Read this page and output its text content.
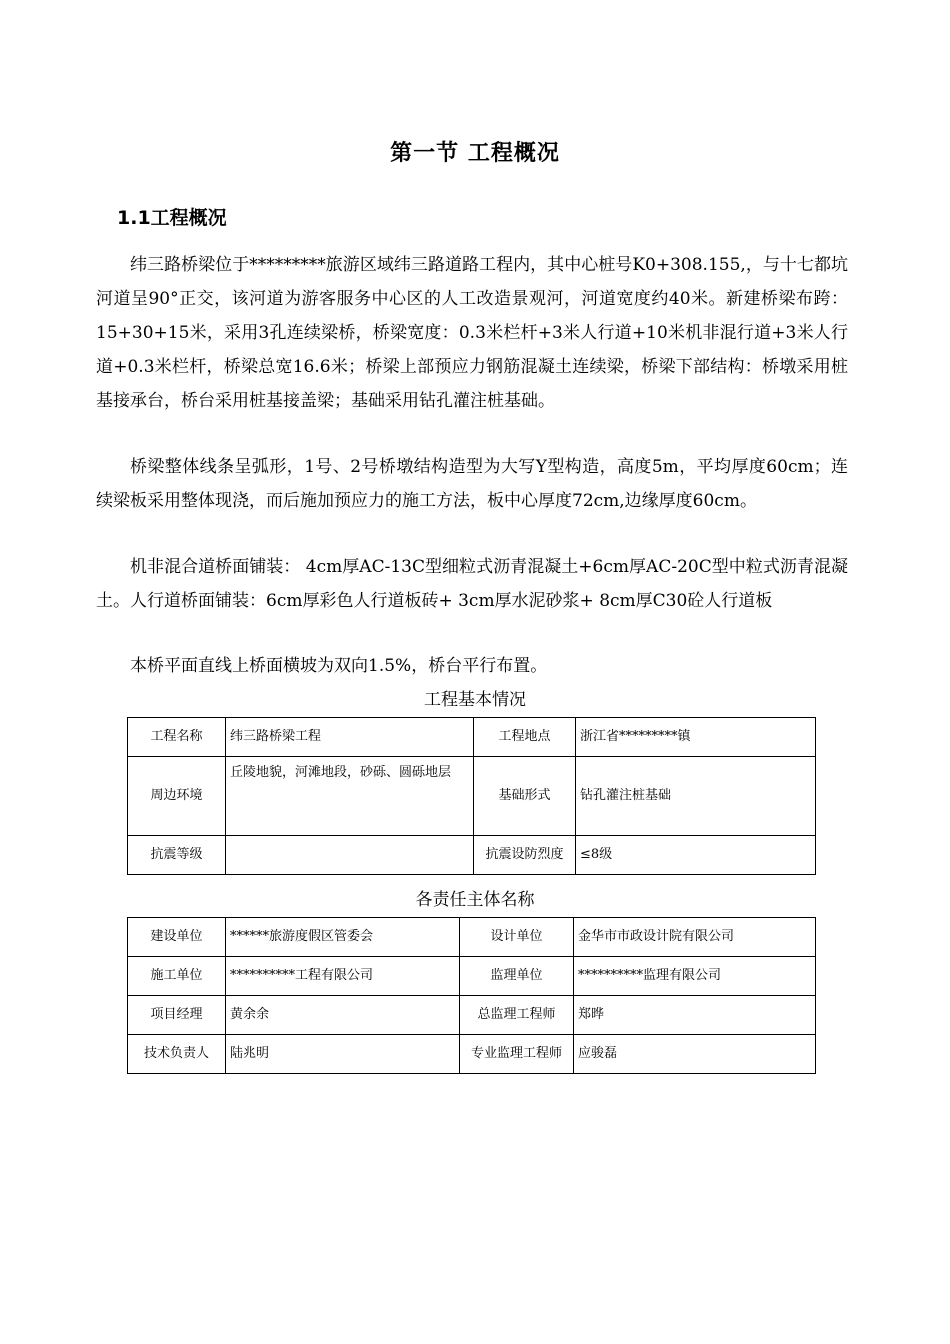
第一节 工程概况
1.1工程概况

纬三路桥梁位于*********旅游区域纬三路道路工程内，其中心桩号K0+308.155,，与十七都坑河道呈90°正交，该河道为游客服务中心区的人工改造景观河，河道宽度约40米。新建桥梁布跨：15+30+15米，采用3孔连续梁桥，桥梁宽度：0.3米栏杆+3米人行道+10米机非混行道+3米人行道+0.3米栏杆，桥梁总宽16.6米；桥梁上部预应力钢筋混凝土连续梁，桥梁下部结构：桥墩采用桩基接承台，桥台采用桩基接盖梁；基础采用钻孔灌注桩基础。

桥梁整体线条呈弧形，1号、2号桥墩结构造型为大写Y型构造，高度5m，平均厚度60cm；连续梁板采用整体现浇，而后施加预应力的施工方法，板中心厚度72cm,边缘厚度60cm。

机非混合道桥面铺装： 4cm厚AC-13C型细粒式沥青混凝土+6cm厚AC-20C型中粒式沥青混凝土。人行道桥面铺装：6cm厚彩色人行道板砖+ 3cm厚水泥砂浆+ 8cm厚C30砼人行道板

本桥平面直线上桥面横坡为双向1.5%，桥台平行布置。

工程基本情况
工程名称	纬三路桥梁工程	工程地点	浙江省*********镇
周边环境	丘陵地貌，河滩地段，砂砾、圆砾地层	基础形式	钻孔灌注桩基础
抗震等级		抗震设防烈度	≤8级
各责任主体名称
建设单位	******旅游度假区管委会	设计单位	金华市市政设计院有限公司
施工单位	**********工程有限公司	监理单位	**********监理有限公司
项目经理	黄余余	总监理工程师	郑晔
技术负责人	陆兆明	专业监理工程师	应骏磊
